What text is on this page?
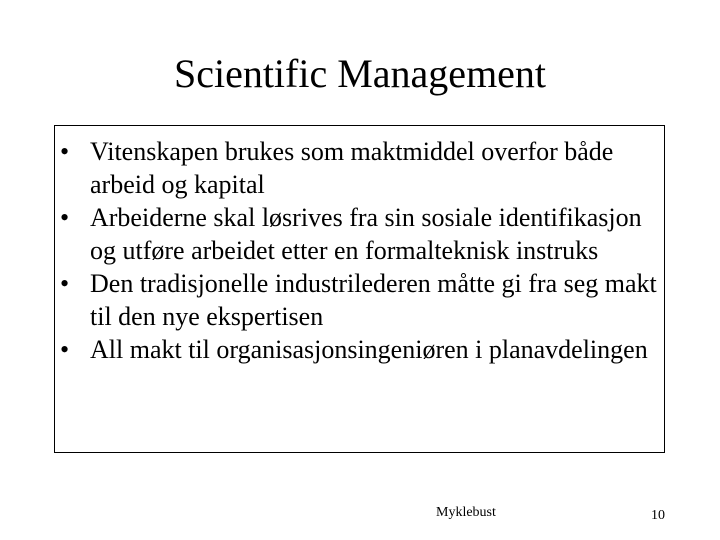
Scientific Management
• Vitenskapen brukes som maktmiddel overfor både arbeid og kapital
• Arbeiderne skal løsrives fra sin sosiale identifikasjon og utføre arbeidet etter en formalteknisk instruks
• Den tradisjonelle industrilederen måtte gi fra seg makt til den nye ekspertisen
• All makt til organisasjonsingeniøren i planavdelingen
Myklebust	10
